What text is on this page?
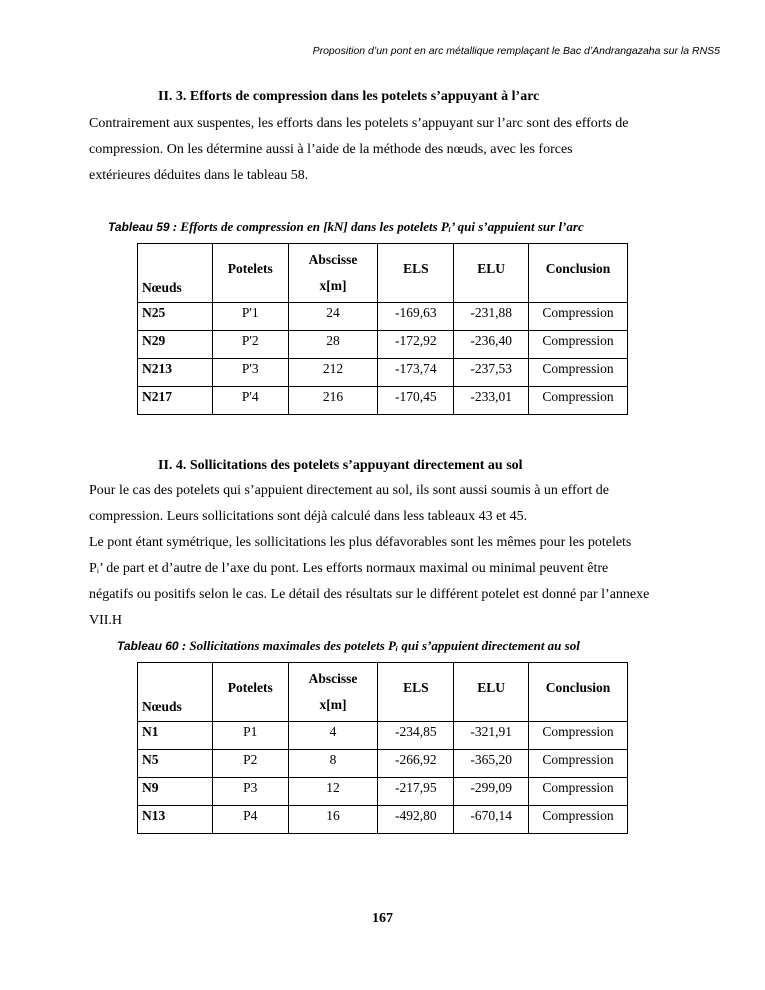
Proposition d’un pont en arc métallique remplaçant le Bac d’Andrangazaha sur la RNS5
II. 3. Efforts de compression dans les potelets s’appuyant à l’arc

Contrairement aux suspentes, les efforts dans les potelets s’appuyant sur l’arc sont des efforts de

compression. On les détermine aussi à l’aide de la méthode des nœuds, avec les forces

extérieures déduites dans le tableau 58.

Tableau 59 : Efforts de compression en [kN] dans les potelets Pᵢ’ qui s’appuient sur l’arc
Nœuds	Potelets	Abscisse
x[m]	ELS	ELU	Conclusion
N25	P'1	24	-169,63	-231,88	Compression
N29	P'2	28	-172,92	-236,40	Compression
N213	P'3	212	-173,74	-237,53	Compression
N217	P'4	216	-170,45	-233,01	Compression
II. 4. Sollicitations des potelets s’appuyant directement au sol

Pour le cas des potelets qui s’appuient directement au sol, ils sont aussi soumis à un effort de

compression. Leurs sollicitations sont déjà calculé dans less tableaux 43 et 45.

Le pont étant symétrique, les sollicitations les plus défavorables sont les mêmes pour les potelets

Pᵢ’ de part et d’autre de l’axe du pont. Les efforts normaux maximal ou minimal peuvent être

négatifs ou positifs selon le cas. Le détail des résultats sur le différent potelet est donné par l’annexe

VII.H

Tableau 60 : Sollicitations maximales des potelets Pᵢ qui s’appuient directement au sol
Nœuds	Potelets	Abscisse
x[m]	ELS	ELU	Conclusion
N1	P1	4	-234,85	-321,91	Compression
N5	P2	8	-266,92	-365,20	Compression
N9	P3	12	-217,95	-299,09	Compression
N13	P4	16	-492,80	-670,14	Compression
167
